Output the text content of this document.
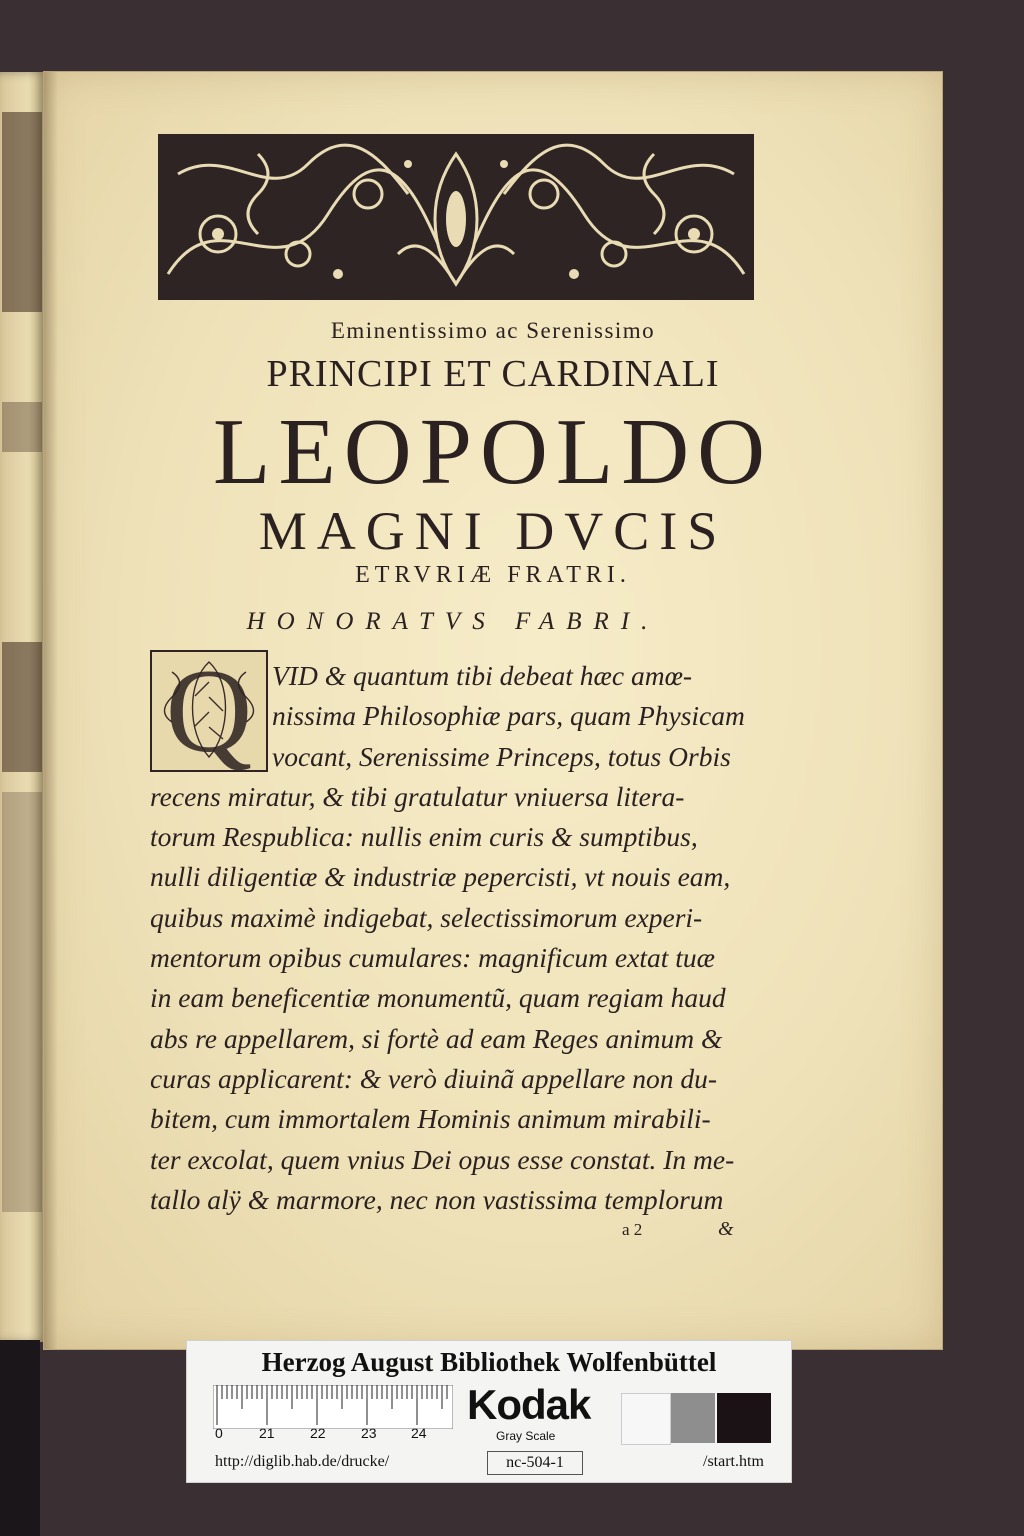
Eminentissimo ac Serenissimo
PRINCIPI ET CARDINALI
LEOPOLDO
MAGNI DVCIS
ETRVRIÆ FRATRI.
HONORATVS FABRI.
Q VID & quantum tibi debeat hæc amœ-
nissima Philosophiæ pars, quam Physicam
vocant, Serenissime Princeps, totus Orbis
recens miratur, & tibi gratulatur vniuersa litera-
torum Respublica: nullis enim curis & sumptibus,
nulli diligentiæ & industriæ pepercisti, vt nouis eam,
quibus maximè indigebat, selectissimorum experi-
mentorum opibus cumulares: magnificum extat tuæ
in eam beneficentiæ monumentũ, quam regiam haud
abs re appellarem, si fortè ad eam Reges animum &
curas applicarent: & verò diuinã appellare non du-
bitem, cum immortalem Hominis animum mirabili-
ter excolat, quem vnius Dei opus esse constat. In me-
tallo alÿ & marmore, nec non vastissima templorum
a 2	&
Herzog August Bibliothek Wolfenbüttel
0	21	22	23 24
Kodak
Gray Scale
http://diglib.hab.de/drucke/	nc-504-1	/start.htm
